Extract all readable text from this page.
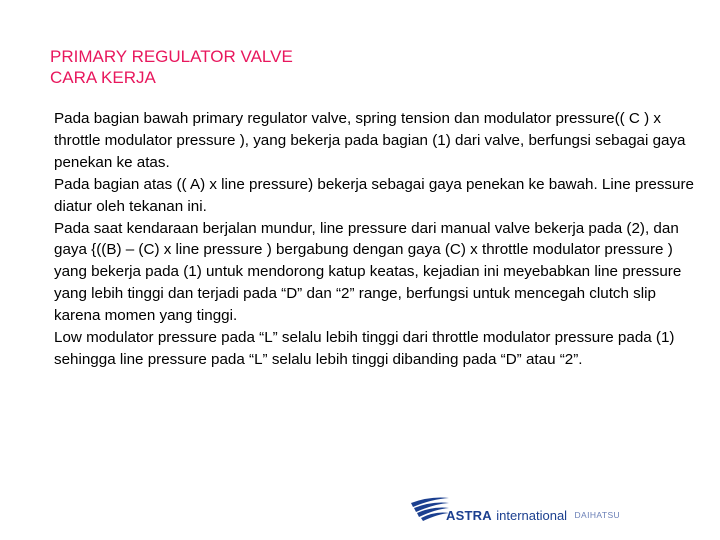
PRIMARY REGULATOR VALVE
CARA KERJA

Pada bagian bawah primary regulator valve, spring tension dan modulator pressure(( C ) x throttle modulator pressure ), yang bekerja pada bagian (1) dari valve, berfungsi sebagai gaya penekan ke atas.

Pada bagian atas (( A) x line pressure) bekerja sebagai gaya penekan ke bawah. Line pressure diatur oleh tekanan ini.

Pada saat kendaraan berjalan mundur, line pressure dari manual valve bekerja pada (2), dan gaya {((B) – (C) x line pressure ) bergabung dengan gaya (C) x throttle modulator pressure ) yang bekerja pada (1) untuk mendorong katup keatas, kejadian ini meyebabkan line pressure yang lebih tinggi dan terjadi pada “D” dan “2” range, berfungsi untuk mencegah clutch slip karena momen yang tinggi.

Low modulator pressure pada “L” selalu lebih tinggi dari throttle modulator pressure pada (1) sehingga line pressure pada “L” selalu lebih tinggi dibanding pada “D” atau “2”.

ASTRA international DAIHATSU
